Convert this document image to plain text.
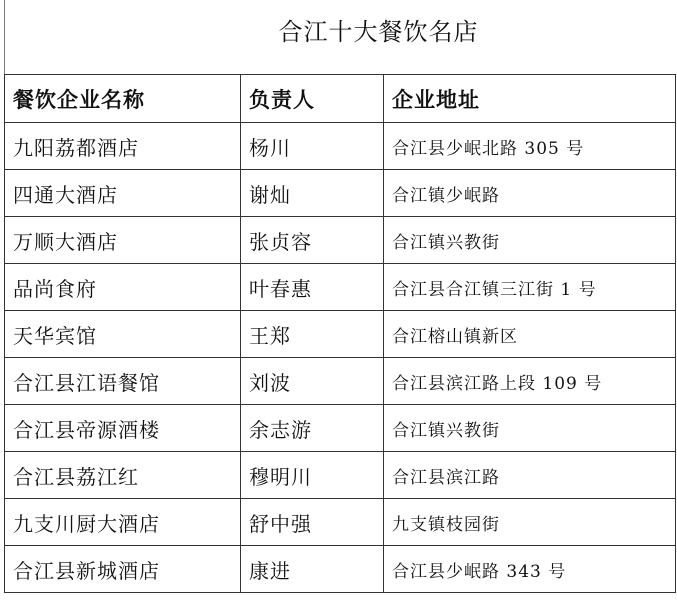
合江十大餐饮名店
餐饮企业名称	负责人	企业地址
九阳荔都酒店	杨川	合江县少岷北路 305 号
四通大酒店	谢灿	合江镇少岷路
万顺大酒店	张贞容	合江镇兴教街
品尚食府	叶春惠	合江县合江镇三江街 1 号
天华宾馆	王郑	合江榕山镇新区
合江县江语餐馆	刘波	合江县滨江路上段 109 号
合江县帝源酒楼	余志游	合江镇兴教街
合江县荔江红	穆明川	合江县滨江路
九支川厨大酒店	舒中强	九支镇枝园街
合江县新城酒店	康进	合江县少岷路 343 号
